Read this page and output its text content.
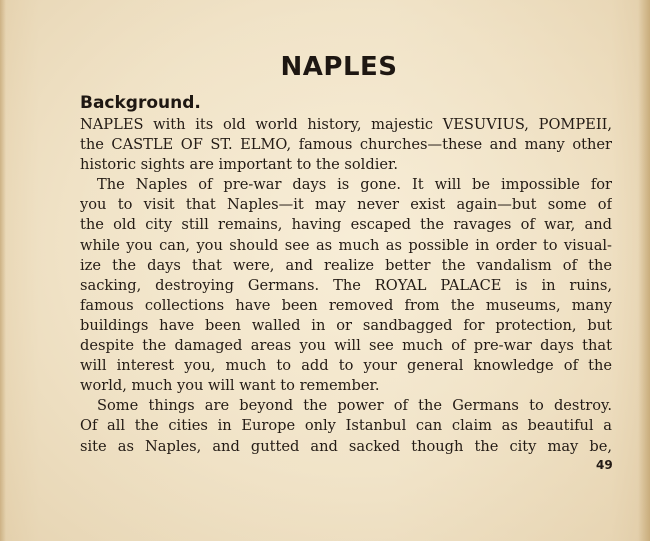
NAPLES
Background.
NAPLES with its old world history, majestic VESUVIUS, POMPEII,
the CASTLE OF ST. ELMO, famous churches—these and many other
historic sights are important to the soldier.
The Naples of pre-war days is gone. It will be impossible for
you to visit that Naples—it may never exist again—but some of
the old city still remains, having escaped the ravages of war, and
while you can, you should see as much as possible in order to visual-
ize the days that were, and realize better the vandalism of the
sacking, destroying Germans. The ROYAL PALACE is in ruins,
famous collections have been removed from the museums, many
buildings have been walled in or sandbagged for protection, but
despite the damaged areas you will see much of pre-war days that
will interest you, much to add to your general knowledge of the
world, much you will want to remember.
Some things are beyond the power of the Germans to destroy.
Of all the cities in Europe only Istanbul can claim as beautiful a
site as Naples, and gutted and sacked though the city may be,
49
